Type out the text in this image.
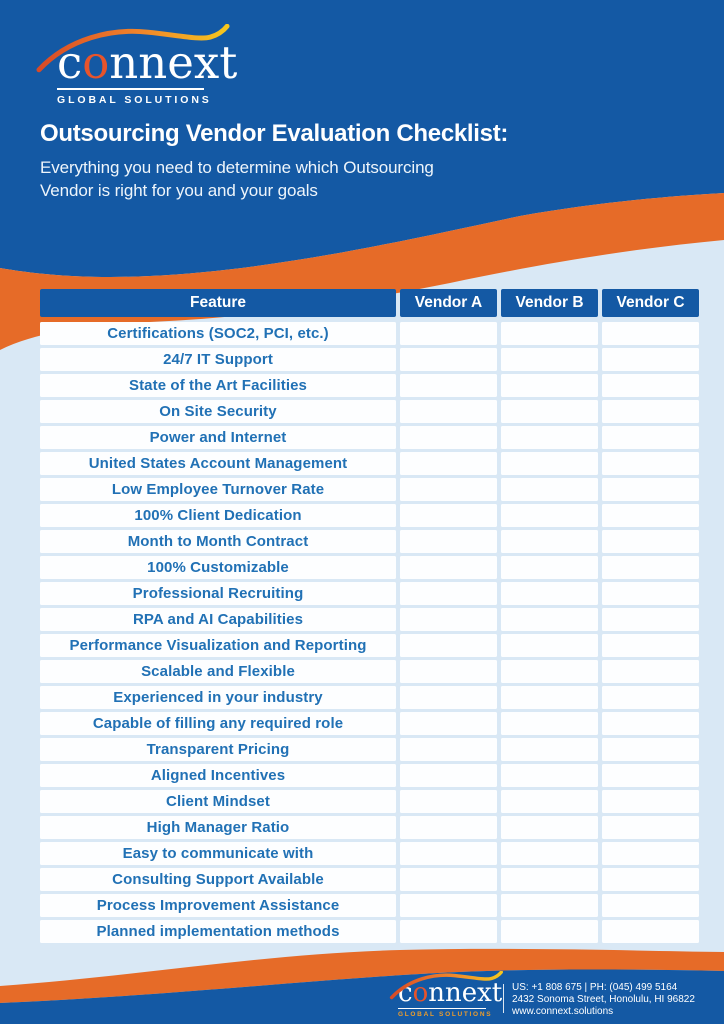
connext
GLOBAL SOLUTIONS
Outsourcing Vendor Evaluation Checklist:

Everything you need to determine which Outsourcing

Vendor is right for you and your goals

Feature	Vendor A	Vendor B	Vendor C
Certifications (SOC2, PCI, etc.)
24/7 IT Support
State of the Art Facilities
On Site Security
Power and Internet
United States Account Management
Low Employee Turnover Rate
100% Client Dedication
Month to Month Contract
100% Customizable
Professional Recruiting
RPA and AI Capabilities
Performance Visualization and Reporting
Scalable and Flexible
Experienced in your industry
Capable of filling any required role
Transparent Pricing
Aligned Incentives
Client Mindset
High Manager Ratio
Easy to communicate with
Consulting Support Available
Process Improvement Assistance
Planned implementation methods
connext
GLOBAL SOLUTIONS
US: +1 808 675 | PH: (045) 499 5164
2432 Sonoma Street, Honolulu, HI 96822
www.connext.solutions
